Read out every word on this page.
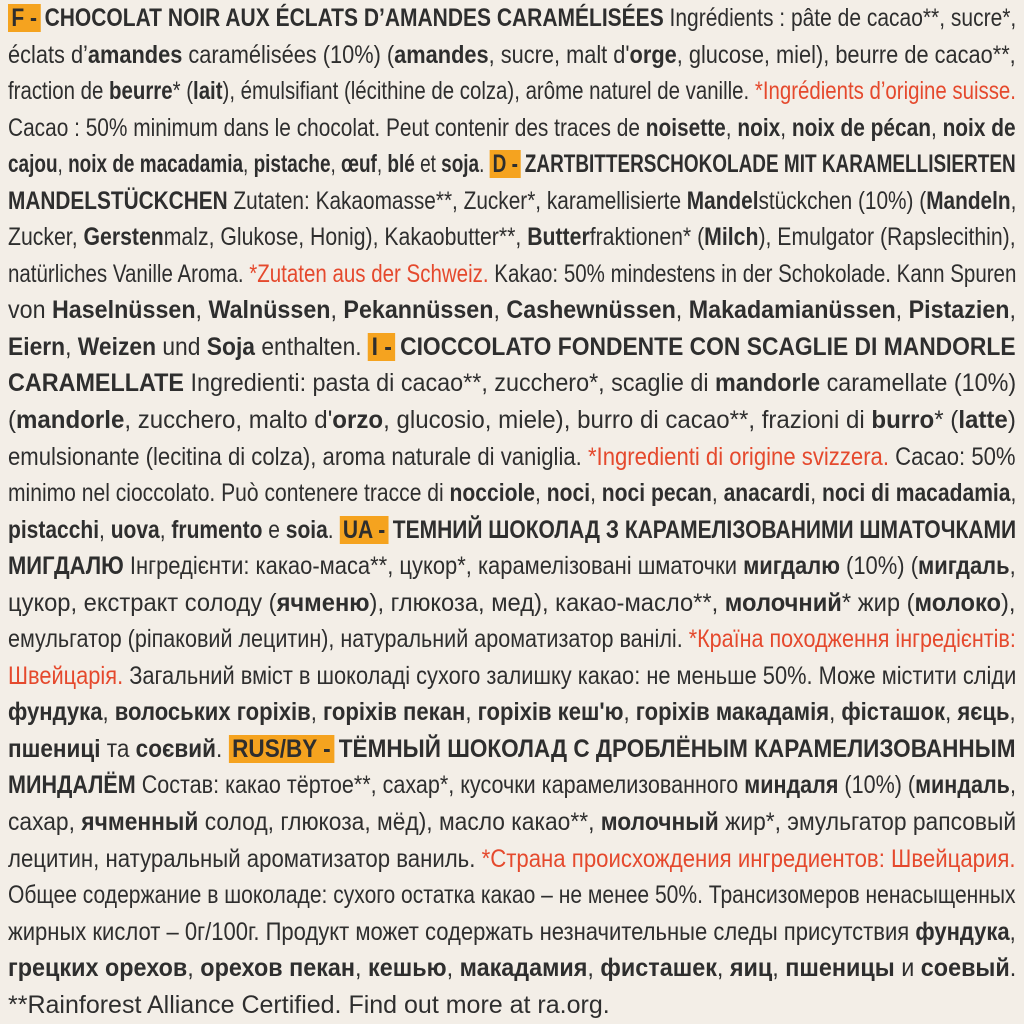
F - CHOCOLAT NOIR AUX ÉCLATS D’AMANDES CARAMÉLISÉES Ingrédients : pâte de cacao**, sucre*,
éclats d’amandes caramélisées (10%) (amandes, sucre, malt d'orge, glucose, miel), beurre de cacao**,
fraction de beurre* (lait), émulsifiant (lécithine de colza), arôme naturel de vanille. *Ingrédients d’origine suisse.
Cacao : 50% minimum dans le chocolat. Peut contenir des traces de noisette, noix, noix de pécan, noix de
cajou, noix de macadamia, pistache, œuf, blé et soja. D - ZARTBITTERSCHOKOLADE MIT KARAMELLISIERTEN
MANDELSTÜCKCHEN Zutaten: Kakaomasse**, Zucker*, karamellisierte Mandelstückchen (10%) (Mandeln,
Zucker, Gerstenmalz, Glukose, Honig), Kakaobutter**, Butterfraktionen* (Milch), Emulgator (Rapslecithin),
natürliches Vanille Aroma. *Zutaten aus der Schweiz. Kakao: 50% mindestens in der Schokolade. Kann Spuren
von Haselnüssen, Walnüssen, Pekannüssen, Cashewnüssen, Makadamianüssen, Pistazien,
Eiern, Weizen und Soja enthalten. I - CIOCCOLATO FONDENTE CON SCAGLIE DI MANDORLE
CARAMELLATE Ingredienti: pasta di cacao**, zucchero*, scaglie di mandorle caramellate (10%)
(mandorle, zucchero, malto d'orzo, glucosio, miele), burro di cacao**, frazioni di burro* (latte)
emulsionante (lecitina di colza), aroma naturale di vaniglia. *Ingredienti di origine svizzera. Cacao: 50%
minimo nel cioccolato. Può contenere tracce di nocciole, noci, noci pecan, anacardi, noci di macadamia,
pistacchi, uova, frumento e soia. UA - ТЕМНИЙ ШОКОЛАД З КАРАМЕЛІЗОВАНИМИ ШМАТОЧКАМИ
МИГДАЛЮ Інгредієнти: какао-маса**, цукор*, карамелізовані шматочки мигдалю (10%) (мигдаль,
цукор, екстракт солоду (ячменю), глюкоза, мед), какао-масло**, молочний* жир (молоко),
емульгатор (ріпаковий лецитин), натуральний ароматизатор ванілі. *Країна походження інгредієнтів:
Швейцарія. Загальний вміст в шоколаді сухого залишку какао: не меньше 50%. Може містити сліди
фундука, волоських горіхів, горіхів пекан, горіхів кеш'ю, горіхів макадамія, фісташок, яєць,
пшениці та соєвий. RUS/BY - ТЁМНЫЙ ШОКОЛАД С ДРОБЛЁНЫМ КАРАМЕЛИЗОВАННЫМ
МИНДАЛЁМ Состав: какао тёртое**, сахар*, кусочки карамелизованного миндаля (10%) (миндаль,
сахар, ячменный солод, глюкоза, мёд), масло какао**, молочный жир*, эмульгатор рапсовый
лецитин, натуральный ароматизатор ваниль. *Страна происхождения ингредиентов: Швейцария.
Общее содержание в шоколаде: сухого остатка какао – не менее 50%. Трансизомеров ненасыщенных
жирных кислот – 0г/100г. Продукт может содержать незначительные следы присутствия фундука,
грецких орехов, орехов пекан, кешью, макадамия, фисташек, яиц, пшеницы и соевый.
**Rainforest Alliance Certified. Find out more at ra.org.
